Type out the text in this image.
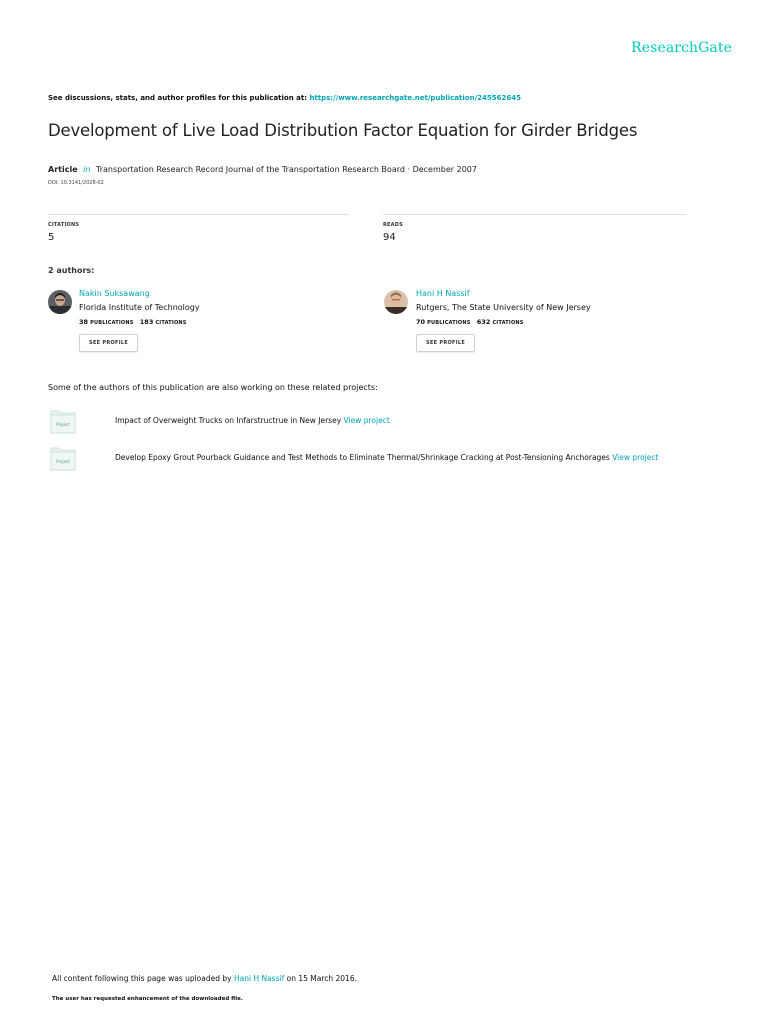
ResearchGate
See discussions, stats, and author profiles for this publication at: https://www.researchgate.net/publication/245562645
Development of Live Load Distribution Factor Equation for Girder Bridges
Article in Transportation Research Record Journal of the Transportation Research Board · December 2007
DOI: 10.3141/2028-02
CITATIONS
5
READS
94
2 authors:
Nakin Suksawang
Florida Institute of Technology
38 PUBLICATIONS 183 CITATIONS
SEE PROFILE
Hani H Nassif
Rutgers, The State University of New Jersey
70 PUBLICATIONS 632 CITATIONS
SEE PROFILE
Some of the authors of this publication are also working on these related projects:
Project	Impact of Overweight Trucks on Infarstructrue in New Jersey View project
Project	Develop Epoxy Grout Pourback Guidance and Test Methods to Eliminate Thermal/Shrinkage Cracking at Post-Tensioning Anchorages View project
All content following this page was uploaded by Hani H Nassif on 15 March 2016.
The user has requested enhancement of the downloaded file.
